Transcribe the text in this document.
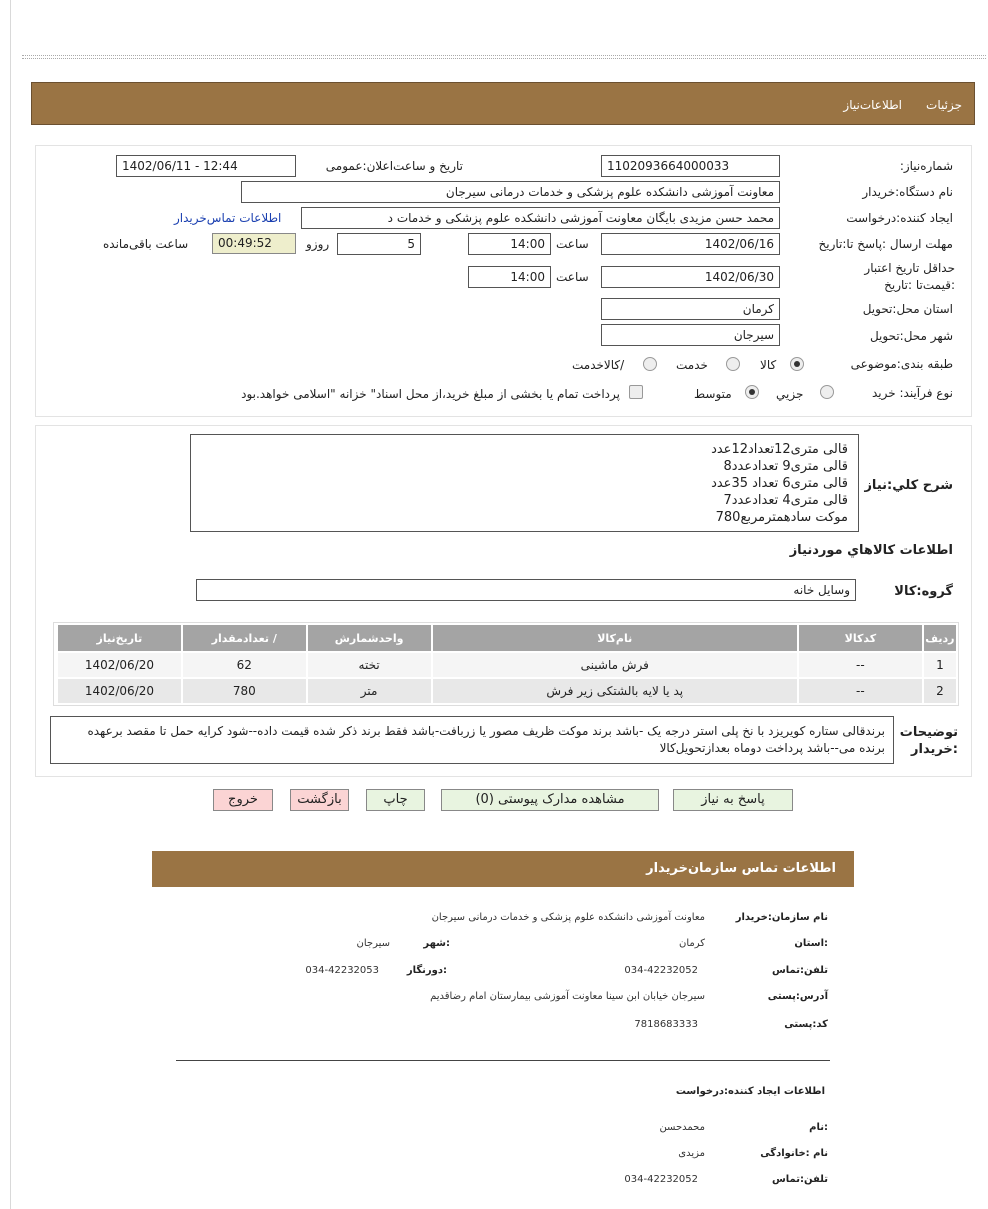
جزئیات
اطلاعات‌نیاز
شماره‌نیاز:
1102093664000033
تاریخ و ساعت‌اعلان:عمومی
1402/06/11 - 12:44
نام دستگاه‌:خریدار
معاونت آموزشی دانشکده علوم پزشکی و خدمات درمانی سیرجان
ایجاد کننده‌:درخواست
محمد حسن مزیدی بایگان معاونت آموزشی دانشکده علوم پزشکی و خدمات د
اطلاعات تماس‌خریدار
مهلت ارسال :پاسخ تا:تاریخ
1402/06/16
ساعت
14:00
5
روزو
00:49:52
ساعت باقی‌مانده
حداقل تاریخ اعتبار :قیمت‌تا :تاریخ
1402/06/30
ساعت
14:00
استان محل:تحویل
کرمان
شهر محل:تحویل
سیرجان
طبقه بندی:موضوعی
کالا
خدمت
/کالاخدمت
نوع فرآیند: خرید
جزیي
متوسط
پرداخت تمام یا بخشی از مبلغ خرید،از محل اسناد" خزانه "اسلامی خواهد.بود
شرح کلي:نیاز
قالی متری12تعداد12عدد
قالی متری9 تعدادعدد8
قالی متری6 تعداد 35عدد
قالی متری4 تعدادعدد7
موکت سادهمترمربع780
اطلاعات کالاهاي موردنیاز
گروه:کالا
وسایل خانه
ردیف	کدکالا	نام‌کالا	واحدشمارش	/ تعدادمقدار	تاریخ‌نیاز
1	--	فرش ماشینی	تخته	62	1402/06/20
2	--	پد یا لایه بالشتکی زیر فرش	متر	780	1402/06/20
توضیحات :خریدار
برندقالی ستاره کویریزد با نخ پلی استر درجه یک -باشد برند موکت ظریف مصور یا زربافت-باشد فقط برند ذکر شده قیمت داده--شود کرایه حمل تا مقصد برعهده برنده می--باشد پرداخت دوماه بعدازتحویل‌کالا
پاسخ به نیاز
مشاهده مدارک پیوستی (0)
چاپ
بازگشت
خروج
اطلاعات تماس سازمان‌خریدار
نام سازمان:خریدار
معاونت آموزشی دانشکده علوم پزشکی و خدمات درمانی سیرجان
:استان
کرمان
:شهر
سیرجان
تلفن:تماس
034-42232052
:دورنگار
034-42232053
آدرس:پستی
سیرجان خیابان ابن سینا معاونت آموزشی بیمارستان امام رضاقدیم
کد:پستی
7818683333
اطلاعات ایجاد کننده:درخواست
:نام
محمدحسن
نام :خانوادگی
مزیدی
تلفن:تماس
034-42232052
